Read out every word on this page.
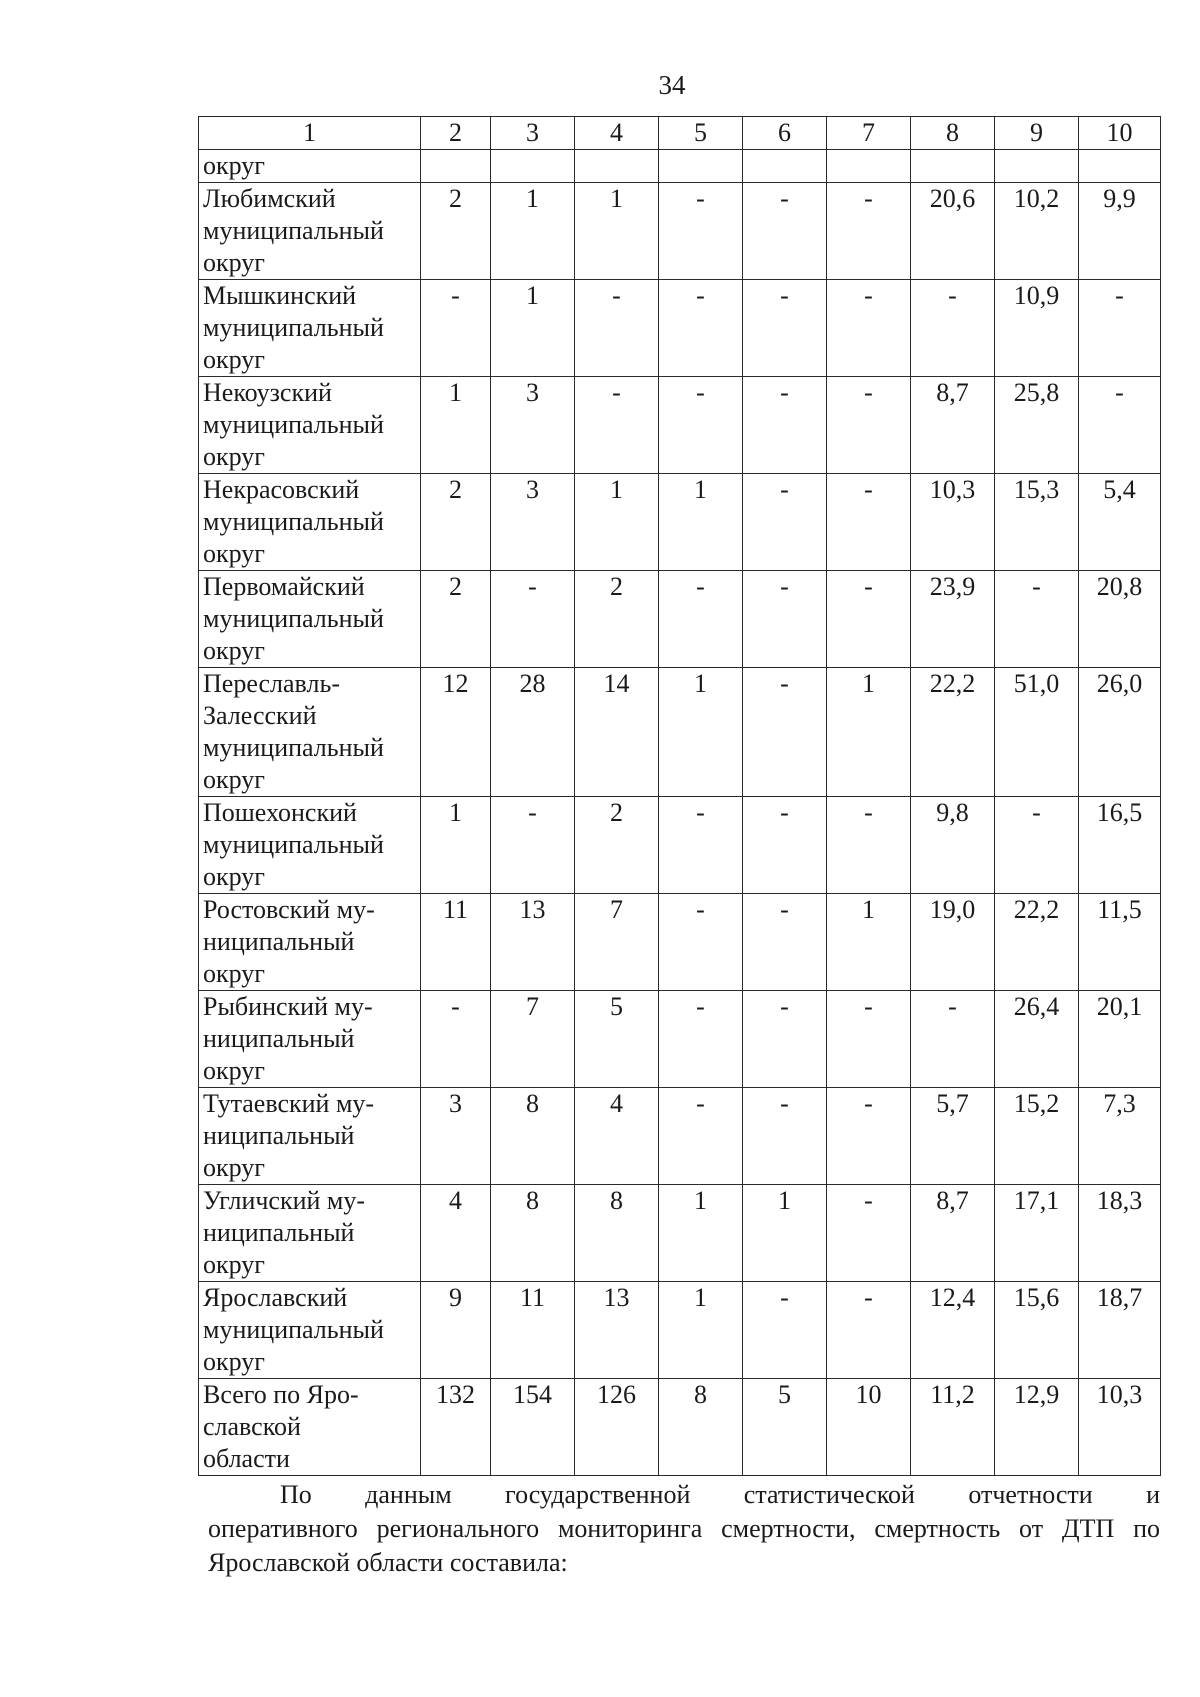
34
1	2	3	4	5	6	7	8	9	10
округ									

Любимский
муниципальный
округ	2	1	1	-	-	-	20,6	10,2	9,9

Мышкинский
муниципальный
округ	-	1	-	-	-	-	-	10,9	-

Некоузский
муниципальный
округ	1	3	-	-	-	-	8,7	25,8	-

Некрасовский
муниципальный
округ	2	3	1	1	-	-	10,3	15,3	5,4

Первомайский
муниципальный
округ	2	-	2	-	-	-	23,9	-	20,8

Переславль-
Залесский
муниципальный
округ	12	28	14	1	-	1	22,2	51,0	26,0

Пошехонский
муниципальный
округ	1	-	2	-	-	-	9,8	-	16,5

Ростовский му-
ниципальный
округ	11	13	7	-	-	1	19,0	22,2	11,5

Рыбинский му-
ниципальный
округ	-	7	5	-	-	-	-	26,4	20,1

Тутаевский му-
ниципальный
округ	3	8	4	-	-	-	5,7	15,2	7,3

Угличский му-
ниципальный
округ	4	8	8	1	1	-	8,7	17,1	18,3

Ярославский
муниципальный
округ	9	11	13	1	-	-	12,4	15,6	18,7

Всего по Яро-
славской
области	132	154	126	8	5	10	11,2	12,9	10,3
По данным государственной статистической отчетности и
оперативного регионального мониторинга смертности, смертность от ДТП по Ярославской области составила:
